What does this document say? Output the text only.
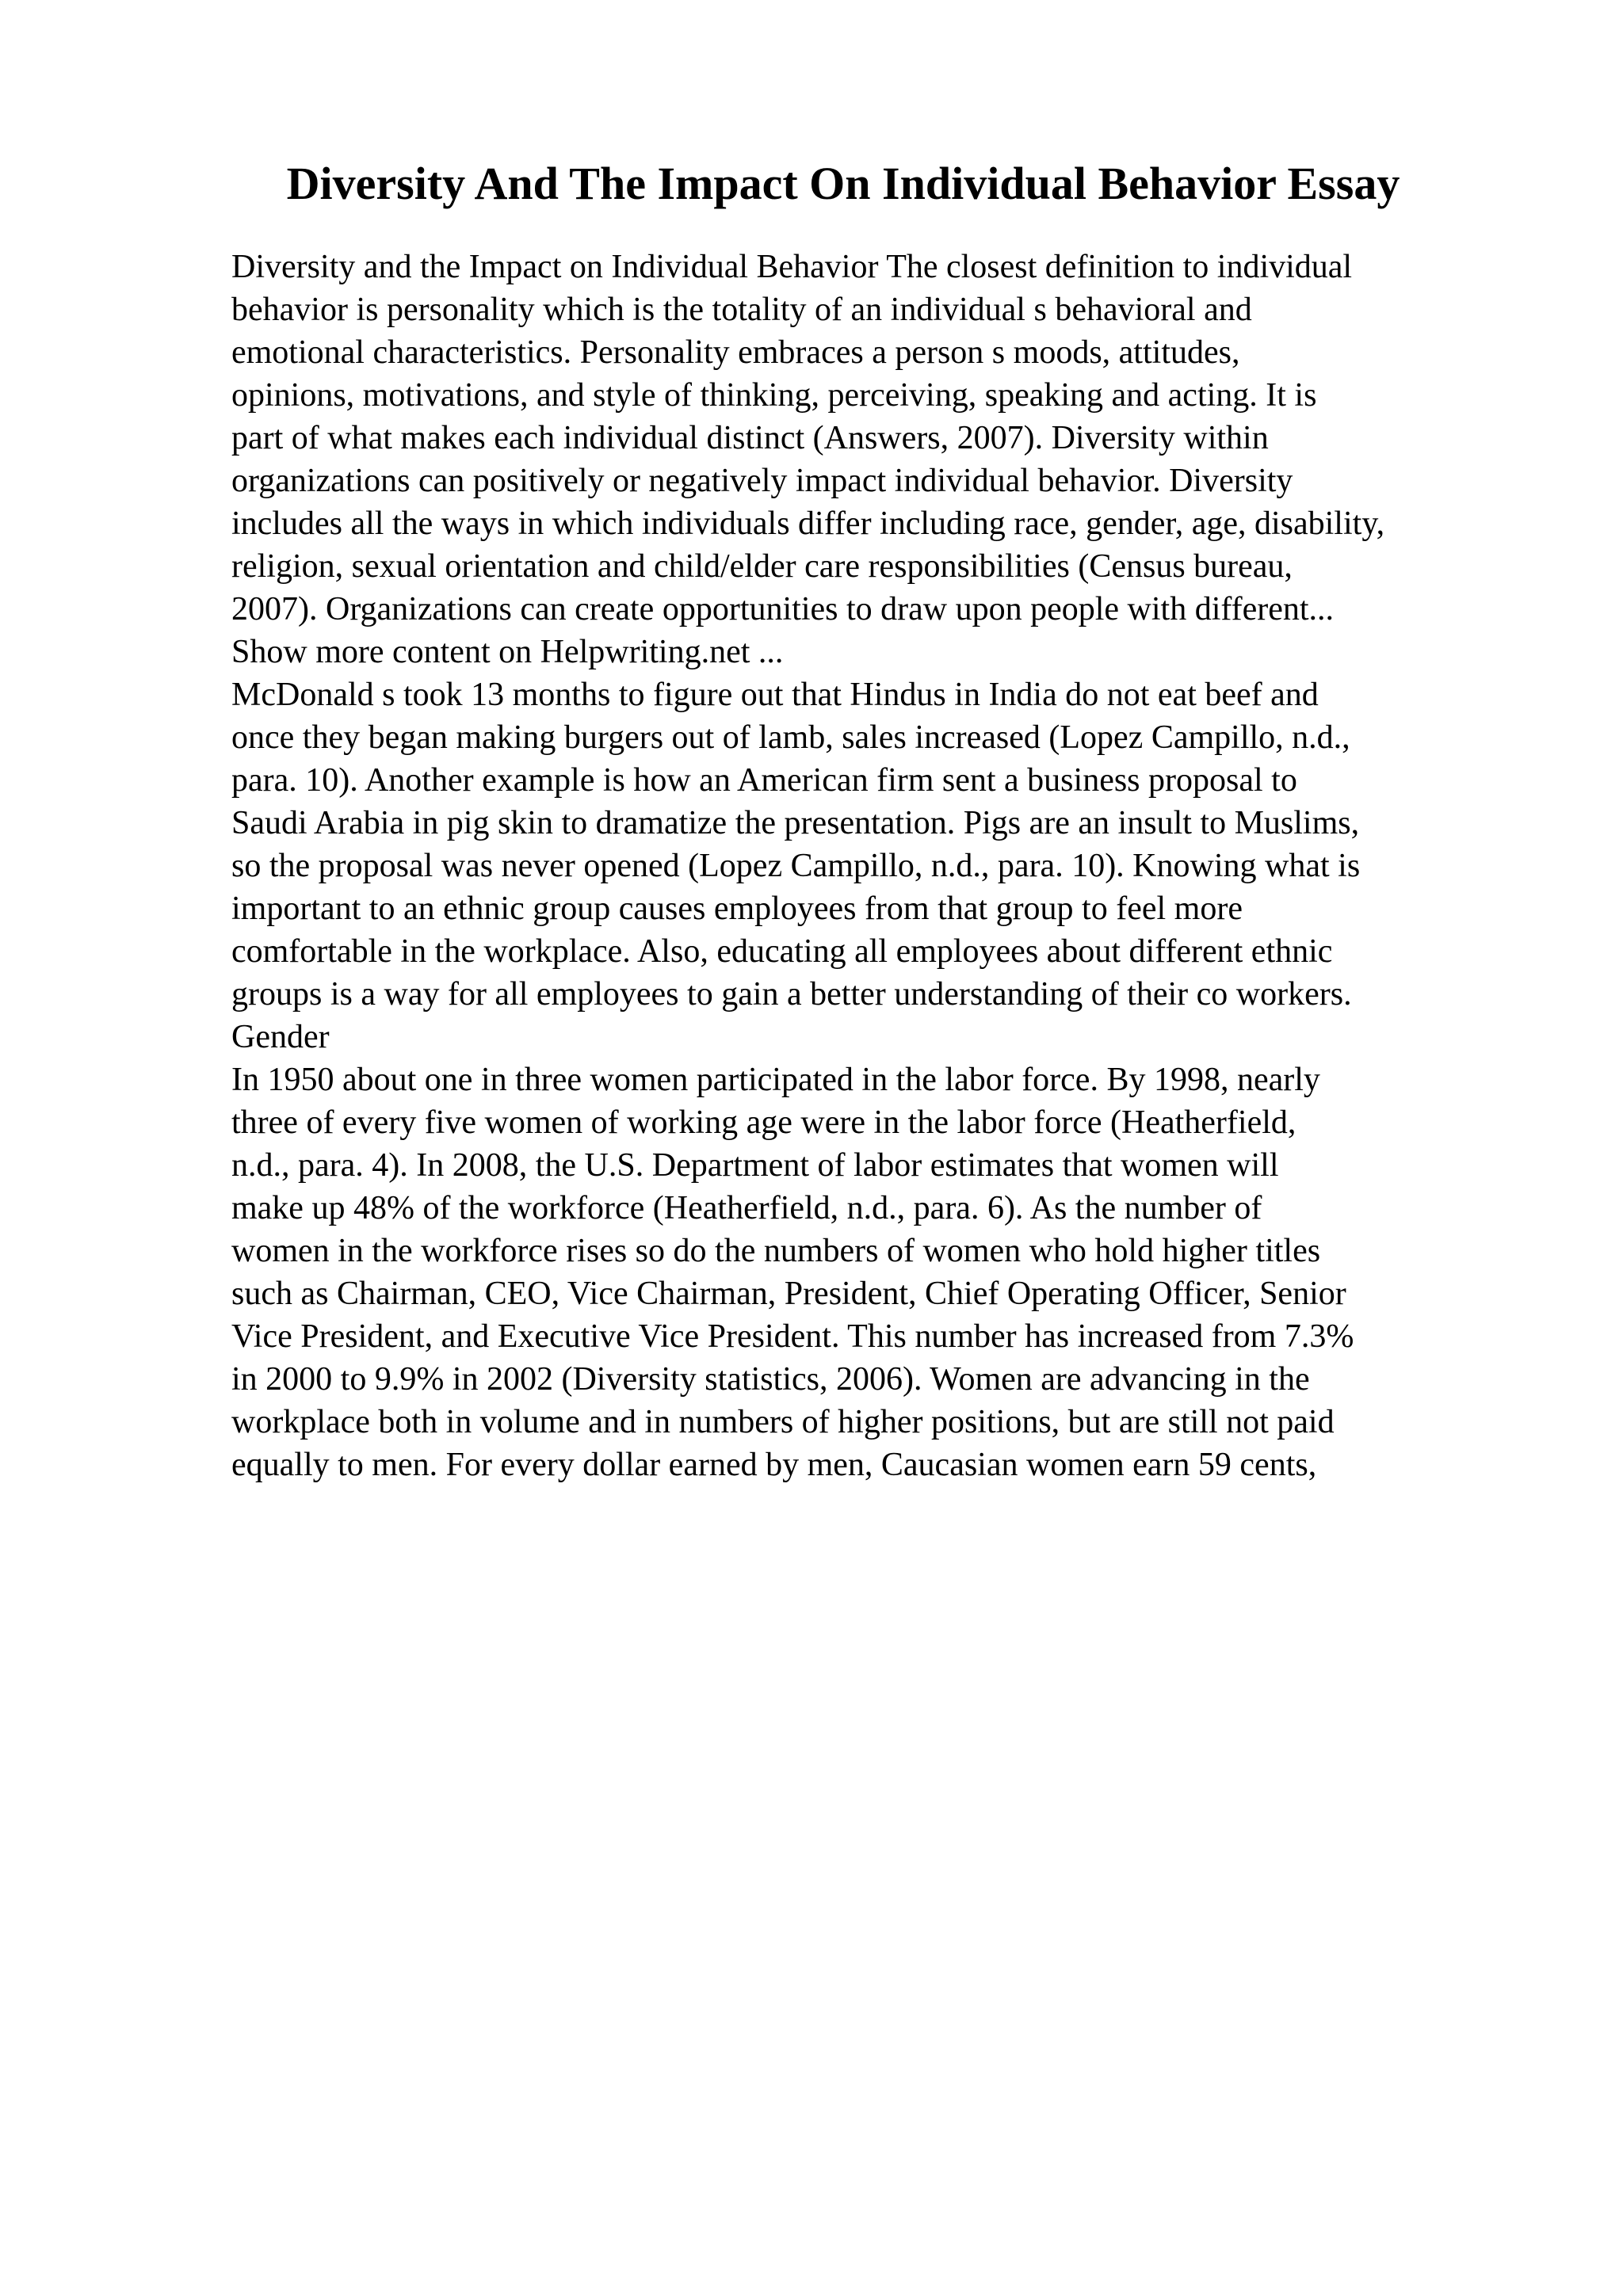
Diversity And The Impact On Individual Behavior Essay
Diversity and the Impact on Individual Behavior The closest definition to individual
behavior is personality which is the totality of an individual s behavioral and
emotional characteristics. Personality embraces a person s moods, attitudes,
opinions, motivations, and style of thinking, perceiving, speaking and acting. It is
part of what makes each individual distinct (Answers, 2007). Diversity within
organizations can positively or negatively impact individual behavior. Diversity
includes all the ways in which individuals differ including race, gender, age, disability,
religion, sexual orientation and child/elder care responsibilities (Census bureau,
2007). Organizations can create opportunities to draw upon people with different...
Show more content on Helpwriting.net ...
McDonald s took 13 months to figure out that Hindus in India do not eat beef and
once they began making burgers out of lamb, sales increased (Lopez Campillo, n.d.,
para. 10). Another example is how an American firm sent a business proposal to
Saudi Arabia in pig skin to dramatize the presentation. Pigs are an insult to Muslims,
so the proposal was never opened (Lopez Campillo, n.d., para. 10). Knowing what is
important to an ethnic group causes employees from that group to feel more
comfortable in the workplace. Also, educating all employees about different ethnic
groups is a way for all employees to gain a better understanding of their co workers.
Gender
In 1950 about one in three women participated in the labor force. By 1998, nearly
three of every five women of working age were in the labor force (Heatherfield,
n.d., para. 4). In 2008, the U.S. Department of labor estimates that women will
make up 48% of the workforce (Heatherfield, n.d., para. 6). As the number of
women in the workforce rises so do the numbers of women who hold higher titles
such as Chairman, CEO, Vice Chairman, President, Chief Operating Officer, Senior
Vice President, and Executive Vice President. This number has increased from 7.3%
in 2000 to 9.9% in 2002 (Diversity statistics, 2006). Women are advancing in the
workplace both in volume and in numbers of higher positions, but are still not paid
equally to men. For every dollar earned by men, Caucasian women earn 59 cents,
